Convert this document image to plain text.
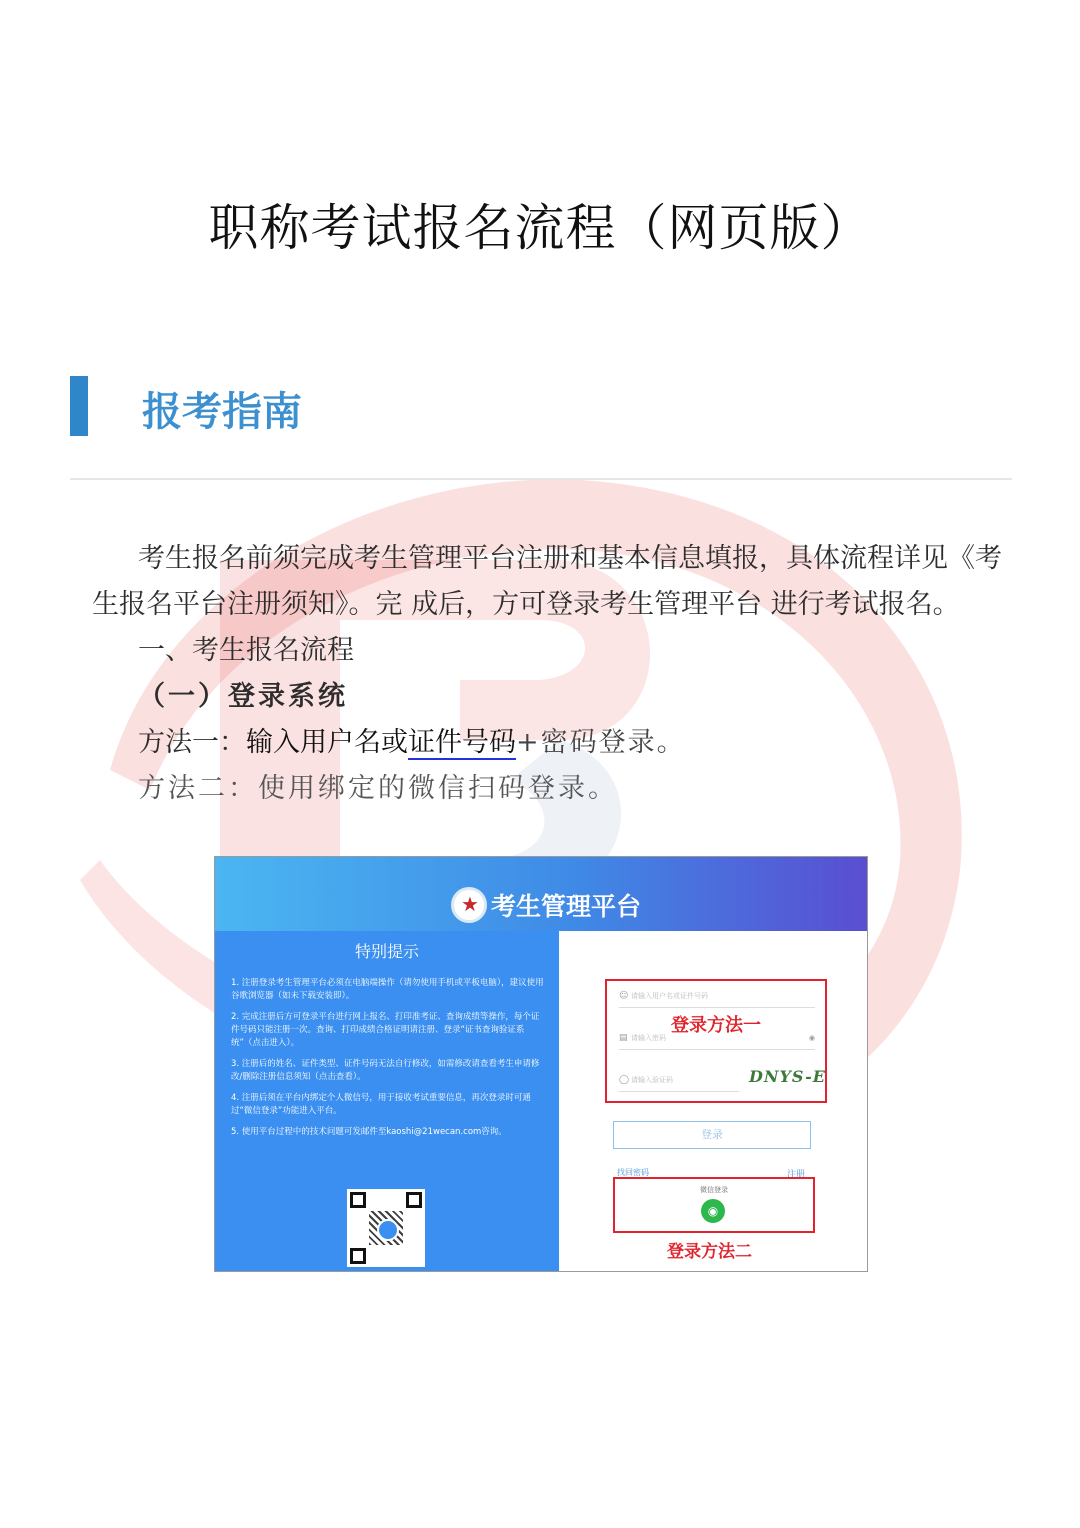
职称考试报名流程（网页版）
报考指南

考生报名前须完成考生管理平台注册和基本信息填报，具体流程详见《考生报名平台注册须知》。完 成后，方可登录考生管理平台 进行考试报名。

一、考生报名流程

（一）登录系统

方法一：输入用户名或证件号码+密码登录。

方法二：使用绑定的微信扫码登录。

★
考生管理平台
特别提示

1. 注册登录考生管理平台必须在电脑端操作（请勿使用手机或平板电脑），建议使用谷歌浏览器（如未下载安装即）。

2. 完成注册后方可登录平台进行网上报名、打印准考证、查询成绩等操作，每个证件号码只能注册一次。查询、打印成绩合格证明请注册、登录“证书查询验证系统”（点击进入）。

3. 注册后的姓名、证件类型、证件号码无法自行修改，如需修改请查看考生申请修改/删除注册信息须知（点击查看）。

4. 注册后须在平台内绑定个人微信号，用于接收考试重要信息，再次登录时可通过“微信登录”功能进入平台。

5. 使用平台过程中的技术问题可发邮件至kaoshi@21wecan.com咨询。

☺ 请输入用户名或证件号码
▤ 请输入密码	◉
◯ 请输入验证码	DNYS-E
登录方法一
登录
找回密码	注册
微信登录
◉
登录方法二
